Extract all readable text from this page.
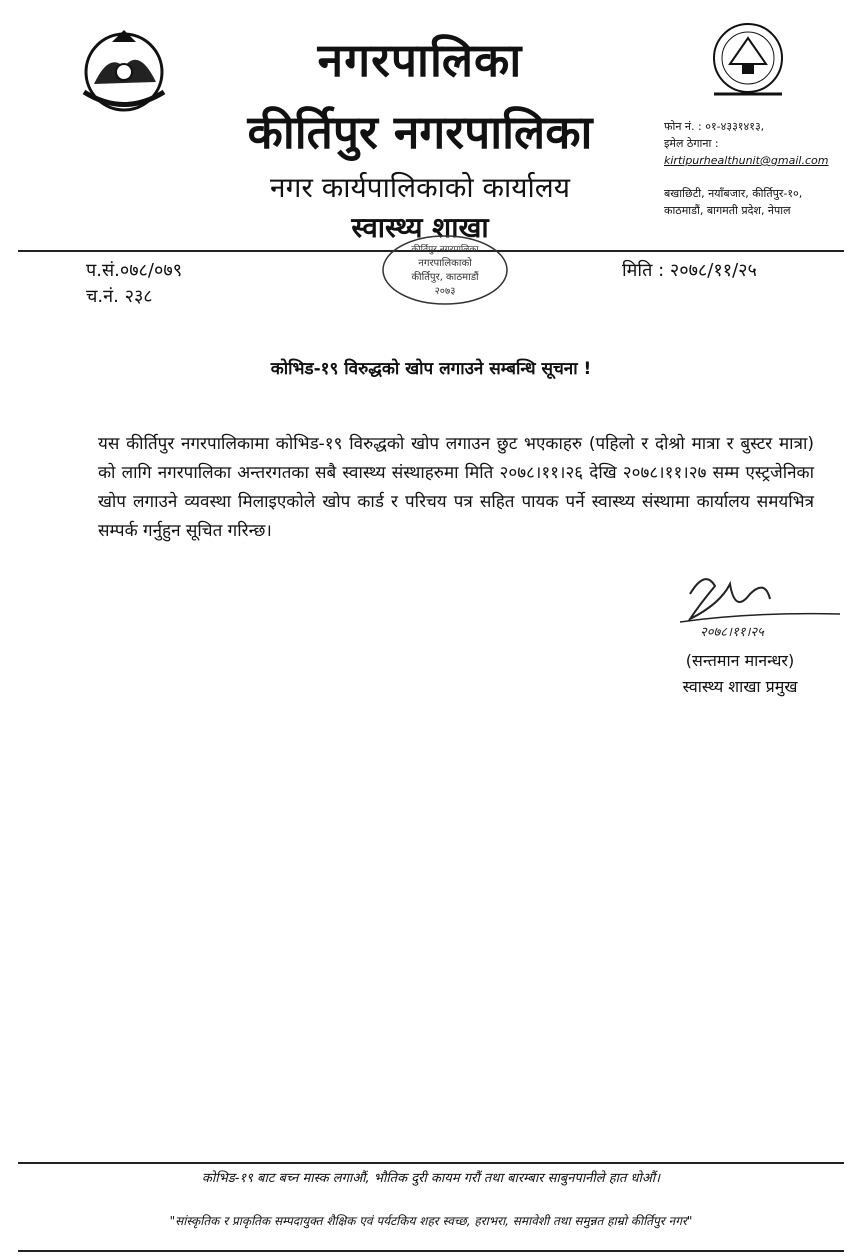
नगरपालिका
कीर्तिपुर नगरपालिका
नगर कार्यपालिकाको कार्यालय
स्वास्थ्य शाखा
फोन नं. : ०१-४३३१४१३,
इमेल ठेगाना :
kirtipurhealthunit@gmail.com
बखाछिटी, नयाँबजार, कीर्तिपुर-१०,
काठमाडौं, बागमती प्रदेश, नेपाल
प.सं.०७८/०७९
च.नं. २३८
कीर्तिपुर नगरपालिका
नगरपालिकाको
कीर्तिपुर, काठमाडौं
२०७३
मिति : २०७८/११/२५
कोभिड-१९ विरुद्धको खोप लगाउने सम्बन्धि सूचना !
यस कीर्तिपुर नगरपालिकामा कोभिड-१९ विरुद्धको खोप लगाउन छुट भएकाहरु (पहिलो र दोश्रो मात्रा र बुस्टर मात्रा) को लागि नगरपालिका अन्तरगतका सबै स्वास्थ्य संस्थाहरुमा मिति २०७८।११।२६ देखि २०७८।११।२७ सम्म एस्ट्रजेनिका खोप लगाउने व्यवस्था मिलाइएकोले खोप कार्ड र परिचय पत्र सहित पायक पर्ने स्वास्थ्य संस्थामा कार्यालय समयभित्र सम्पर्क गर्नुहुन सूचित गरिन्छ।
२०७८।११।२५
(सन्तमान मानन्धर)
स्वास्थ्य शाखा प्रमुख
कोभिड-१९ बाट बच्न मास्क लगाऔं, भौतिक दुरी कायम गरौं तथा बारम्बार साबुनपानीले हात धोऔं।
"सांस्कृतिक र प्राकृतिक सम्पदायुक्त शैक्षिक एवं पर्यटकिय शहर स्वच्छ, हराभरा, समावेशी तथा समुन्नत हाम्रो कीर्तिपुर नगर"
